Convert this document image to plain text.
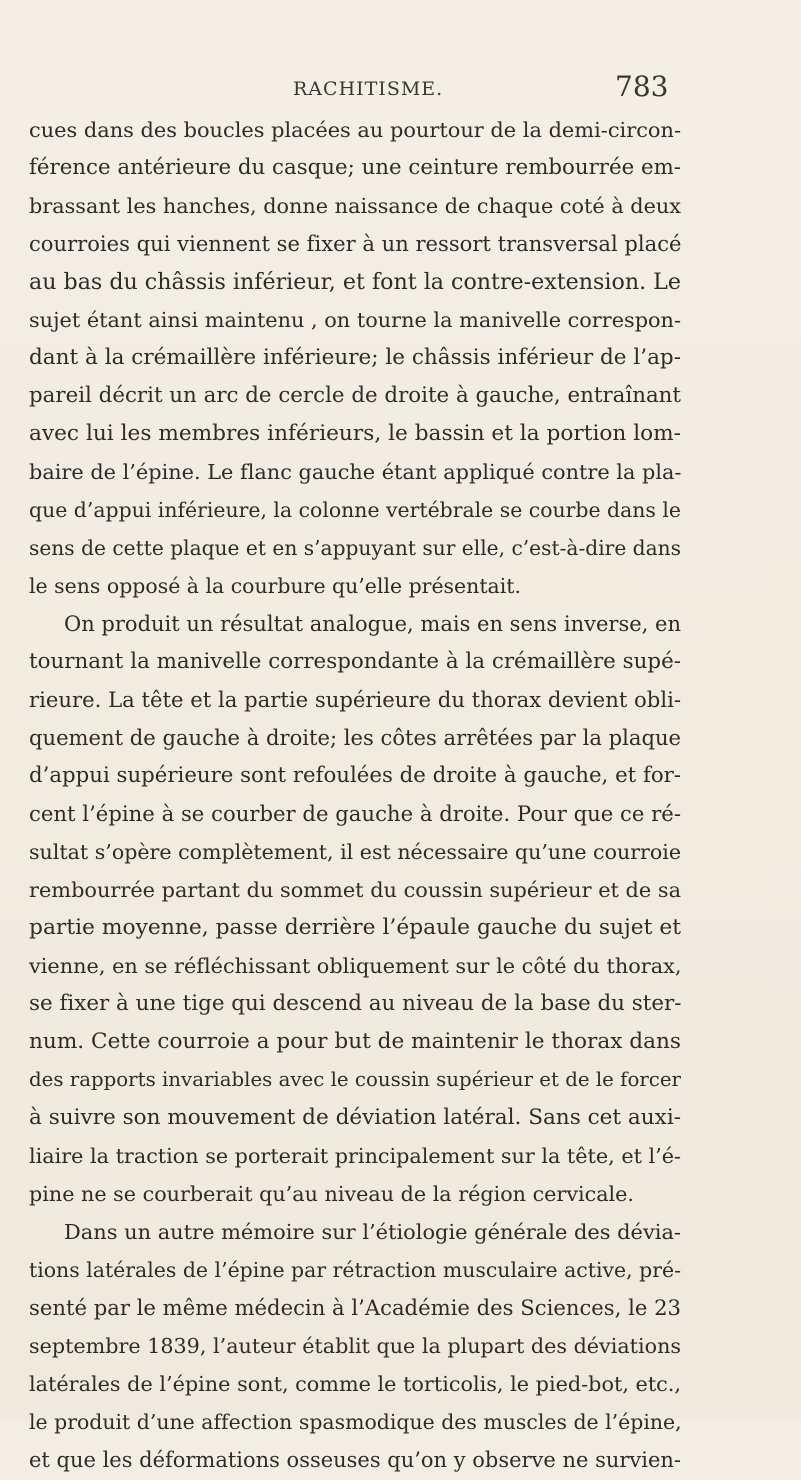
RACHITISME.	783
cues dans des boucles placées au pourtour de la demi-circon-
férence antérieure du casque; une ceinture rembourrée em-
brassant les hanches, donne naissance de chaque coté à deux
courroies qui viennent se fixer à un ressort transversal placé
au bas du châssis inférieur, et font la contre-extension. Le
sujet étant ainsi maintenu , on tourne la manivelle correspon-
dant à la crémaillère inférieure; le châssis inférieur de l’ap-
pareil décrit un arc de cercle de droite à gauche, entraînant
avec lui les membres inférieurs, le bassin et la portion lom-
baire de l’épine. Le flanc gauche étant appliqué contre la pla-
que d’appui inférieure, la colonne vertébrale se courbe dans le
sens de cette plaque et en s’appuyant sur elle, c’est-à-dire dans
le sens opposé à la courbure qu’elle présentait.
On produit un résultat analogue, mais en sens inverse, en
tournant la manivelle correspondante à la crémaillère supé-
rieure. La tête et la partie supérieure du thorax devient obli-
quement de gauche à droite; les côtes arrêtées par la plaque
d’appui supérieure sont refoulées de droite à gauche, et for-
cent l’épine à se courber de gauche à droite. Pour que ce ré-
sultat s’opère complètement, il est nécessaire qu’une courroie
rembourrée partant du sommet du coussin supérieur et de sa
partie moyenne, passe derrière l’épaule gauche du sujet et
vienne, en se réfléchissant obliquement sur le côté du thorax,
se fixer à une tige qui descend au niveau de la base du ster-
num. Cette courroie a pour but de maintenir le thorax dans
des rapports invariables avec le coussin supérieur et de le forcer
à suivre son mouvement de déviation latéral. Sans cet auxi-
liaire la traction se porterait principalement sur la tête, et l’é-
pine ne se courberait qu’au niveau de la région cervicale.
Dans un autre mémoire sur l’étiologie générale des dévia-
tions latérales de l’épine par rétraction musculaire active, pré-
senté par le même médecin à l’Académie des Sciences, le 23
septembre 1839, l’auteur établit que la plupart des déviations
latérales de l’épine sont, comme le torticolis, le pied-bot, etc.,
le produit d’une affection spasmodique des muscles de l’épine,
et que les déformations osseuses qu’on y observe ne survien-
